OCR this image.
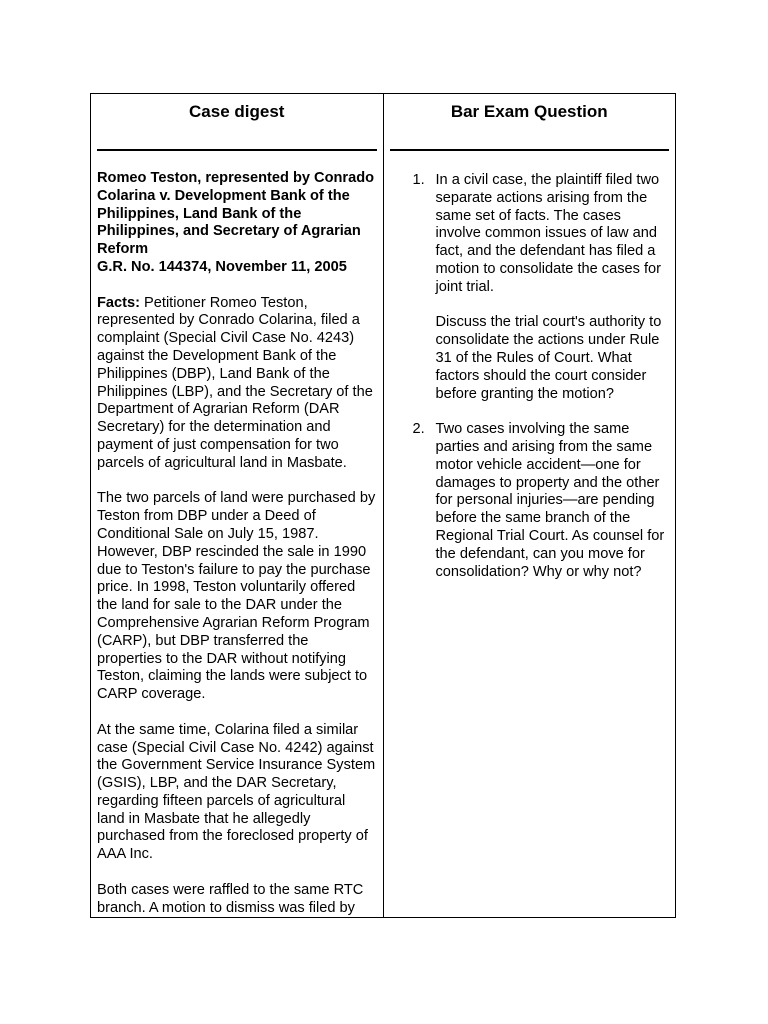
Case digest

Romeo Teston, represented by Conrado Colarina v. Development Bank of the Philippines, Land Bank of the Philippines, and Secretary of Agrarian Reform
G.R. No. 144374, November 11, 2005

Facts: Petitioner Romeo Teston, represented by Conrado Colarina, filed a complaint (Special Civil Case No. 4243) against the Development Bank of the Philippines (DBP), Land Bank of the Philippines (LBP), and the Secretary of the Department of Agrarian Reform (DAR Secretary) for the determination and payment of just compensation for two parcels of agricultural land in Masbate.

The two parcels of land were purchased by Teston from DBP under a Deed of Conditional Sale on July 15, 1987. However, DBP rescinded the sale in 1990 due to Teston's failure to pay the purchase price. In 1998, Teston voluntarily offered the land for sale to the DAR under the Comprehensive Agrarian Reform Program (CARP), but DBP transferred the properties to the DAR without notifying Teston, claiming the lands were subject to CARP coverage.

At the same time, Colarina filed a similar case (Special Civil Case No. 4242) against the Government Service Insurance System (GSIS), LBP, and the DAR Secretary, regarding fifteen parcels of agricultural land in Masbate that he allegedly purchased from the foreclosed property of AAA Inc.

Both cases were raffled to the same RTC branch. A motion to dismiss was filed by

Bar Exam Question
1. In a civil case, the plaintiff filed two separate actions arising from the same set of facts. The cases involve common issues of law and fact, and the defendant has filed a motion to consolidate the cases for joint trial.

Discuss the trial court's authority to consolidate the actions under Rule 31 of the Rules of Court. What factors should the court consider before granting the motion?

2. Two cases involving the same parties and arising from the same motor vehicle accident—one for damages to property and the other for personal injuries—are pending before the same branch of the Regional Trial Court. As counsel for the defendant, can you move for consolidation? Why or why not?
